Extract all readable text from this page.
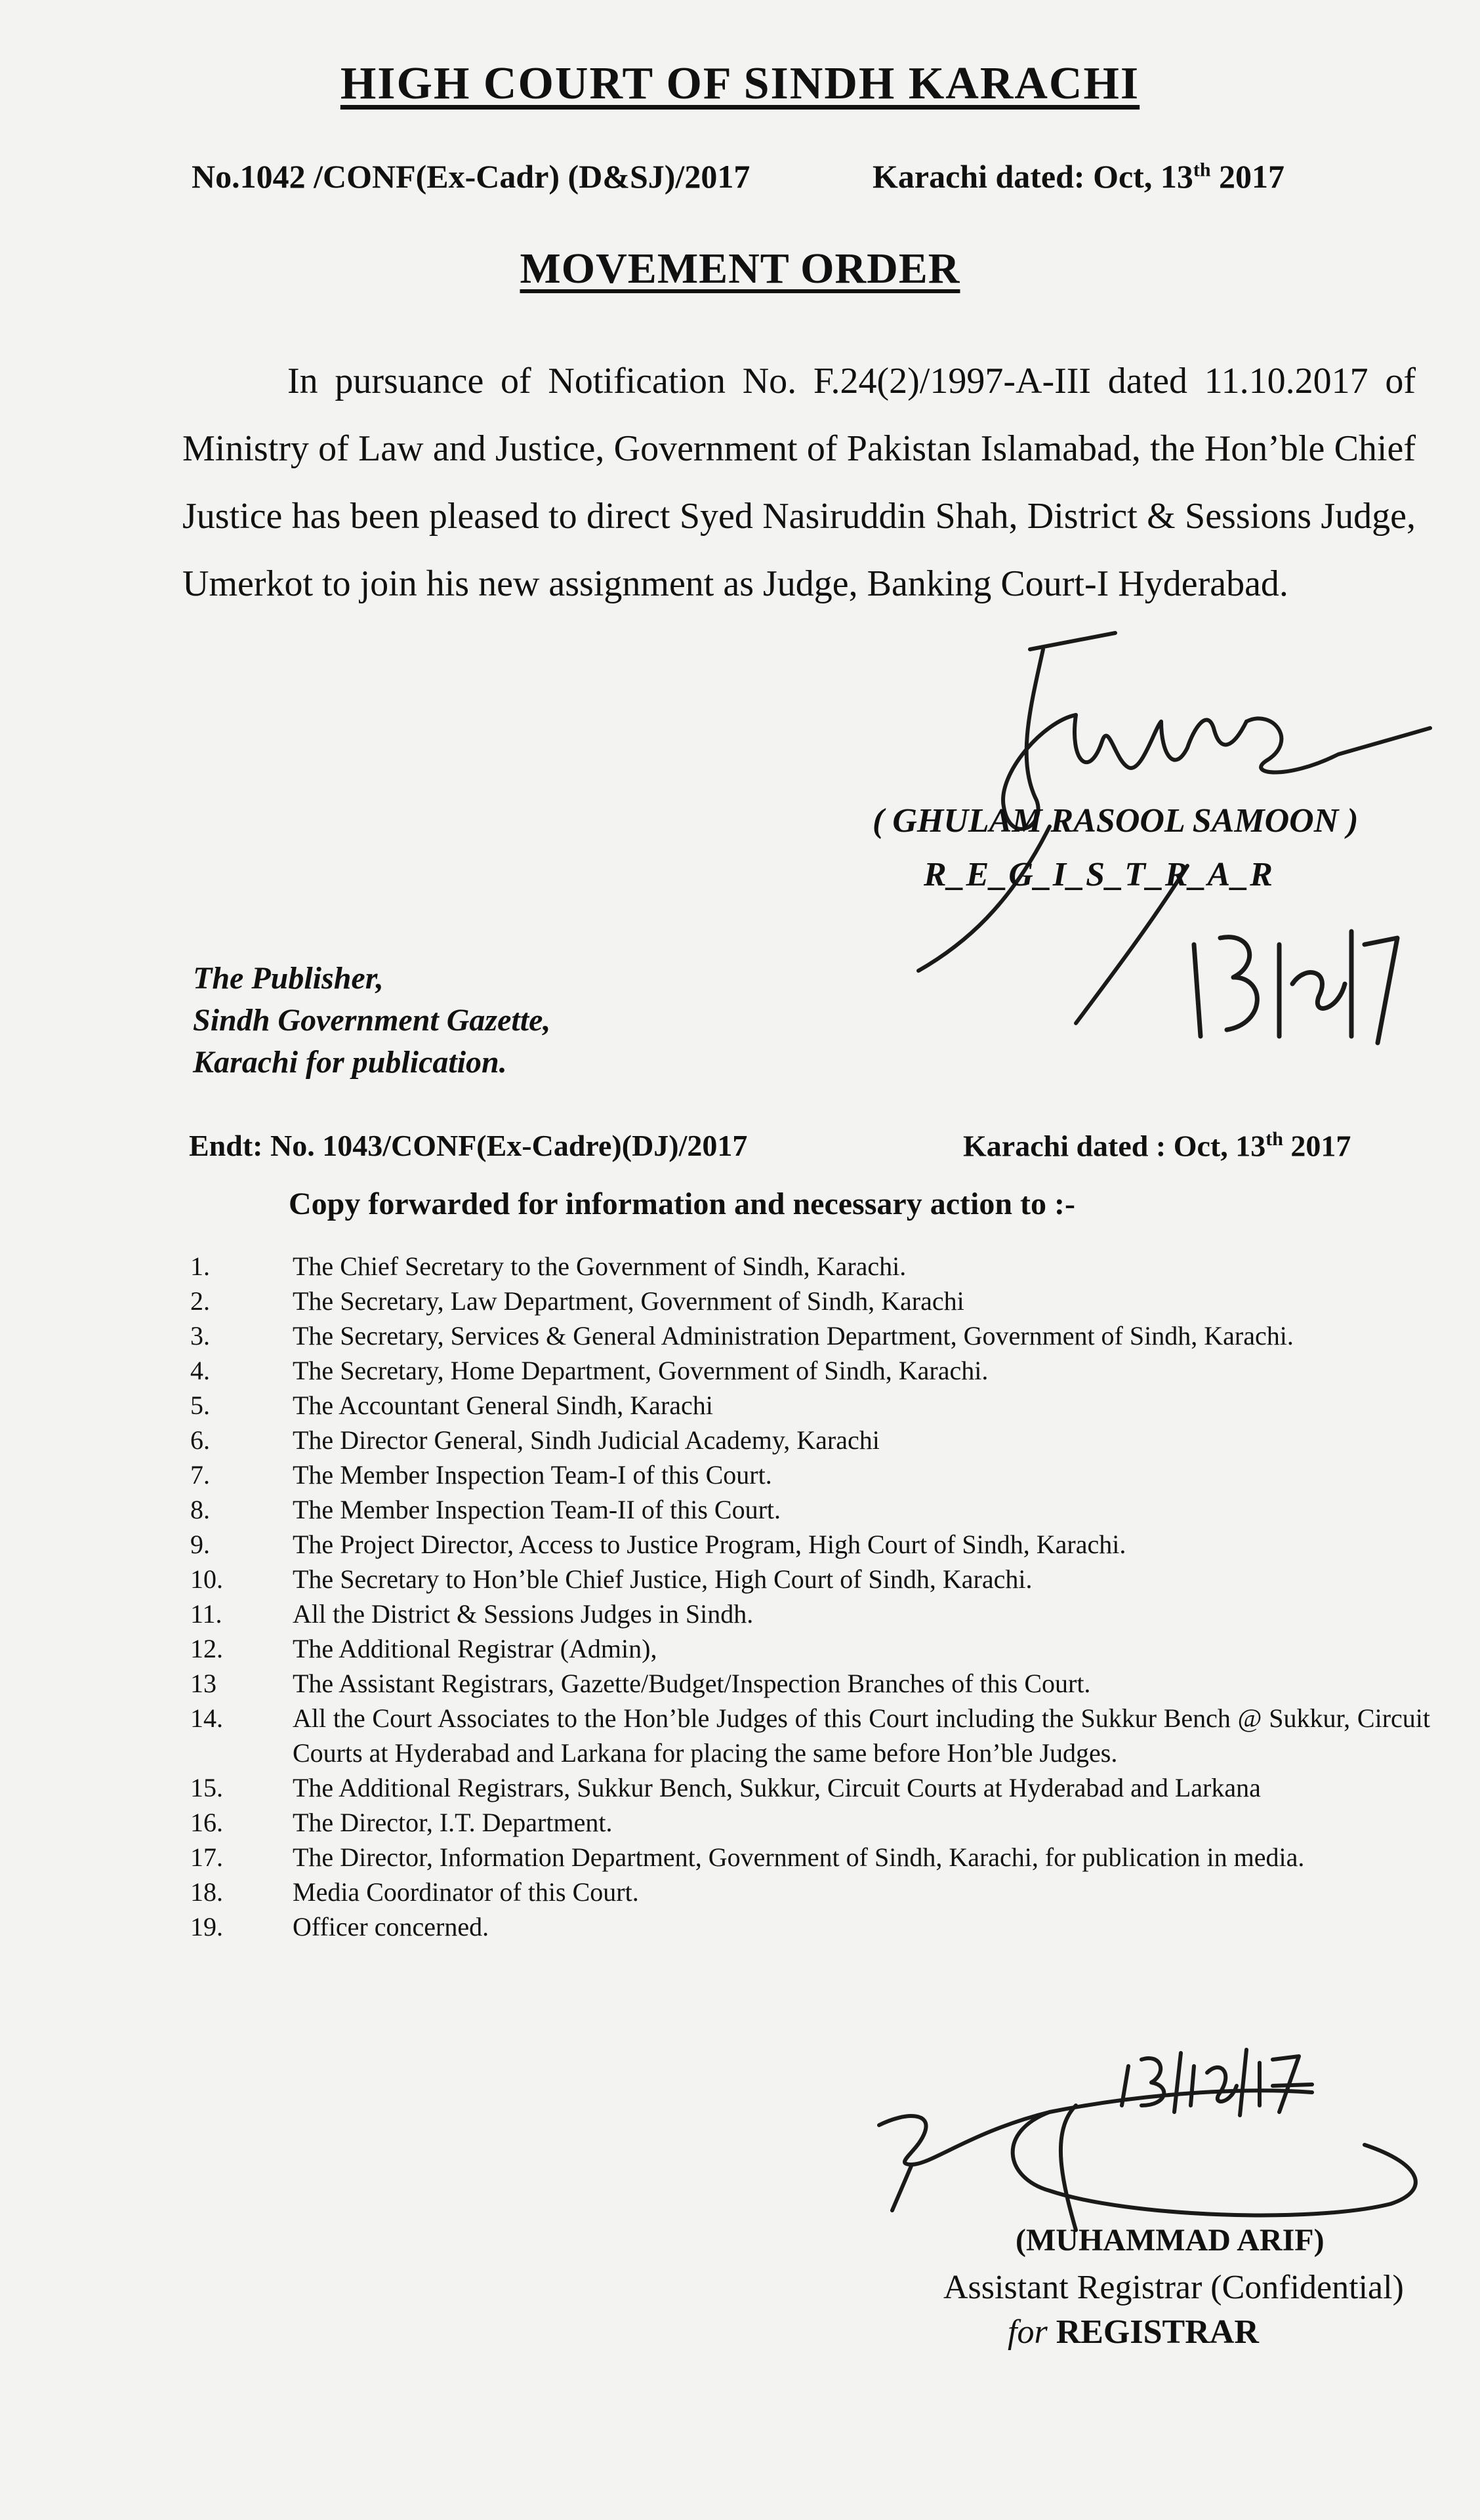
HIGH COURT OF SINDH KARACHI
No.1042 /CONF(Ex-Cadr) (D&SJ)/2017	Karachi dated: Oct, 13th 2017
MOVEMENT ORDER
In pursuance of Notification No. F.24(2)/1997-A-III dated 11.10.2017 of Ministry of Law and Justice, Government of Pakistan Islamabad, the Hon’ble Chief Justice has been pleased to direct Syed Nasiruddin Shah, District & Sessions Judge, Umerkot to join his new assignment as Judge, Banking Court-I Hyderabad.
( GHULAM RASOOL SAMOON )
R_E_G_I_S_T_R_A_R
The Publisher,
Sindh Government Gazette,
Karachi for publication.
Endt: No. 1043/CONF(Ex-Cadre)(DJ)/2017	Karachi dated : Oct, 13th 2017
Copy forwarded for information and necessary action to :-
1.	The Chief Secretary to the Government of Sindh, Karachi.
2.	The Secretary, Law Department, Government of Sindh, Karachi
3.	The Secretary, Services & General Administration Department, Government of Sindh, Karachi.
4.	The Secretary, Home Department, Government of Sindh, Karachi.
5.	The Accountant General Sindh, Karachi
6.	The Director General, Sindh Judicial Academy, Karachi
7.	The Member Inspection Team-I of this Court.
8.	The Member Inspection Team-II of this Court.
9.	The Project Director, Access to Justice Program, High Court of Sindh, Karachi.
10.	The Secretary to Hon’ble Chief Justice, High Court of Sindh, Karachi.
11.	All the District & Sessions Judges in Sindh.
12.	The Additional Registrar (Admin),
13	The Assistant Registrars, Gazette/Budget/Inspection Branches of this Court.
14.	All the Court Associates to the Hon’ble Judges of this Court including the Sukkur Bench @ Sukkur, Circuit Courts at Hyderabad and Larkana for placing the same before Hon’ble Judges.
15.	The Additional Registrars, Sukkur Bench, Sukkur, Circuit Courts at Hyderabad and Larkana
16.	The Director, I.T. Department.
17.	The Director, Information Department, Government of Sindh, Karachi, for publication in media.
18.	Media Coordinator of this Court.
19.	Officer concerned.
(MUHAMMAD ARIF)
Assistant Registrar (Confidential)
for REGISTRAR
